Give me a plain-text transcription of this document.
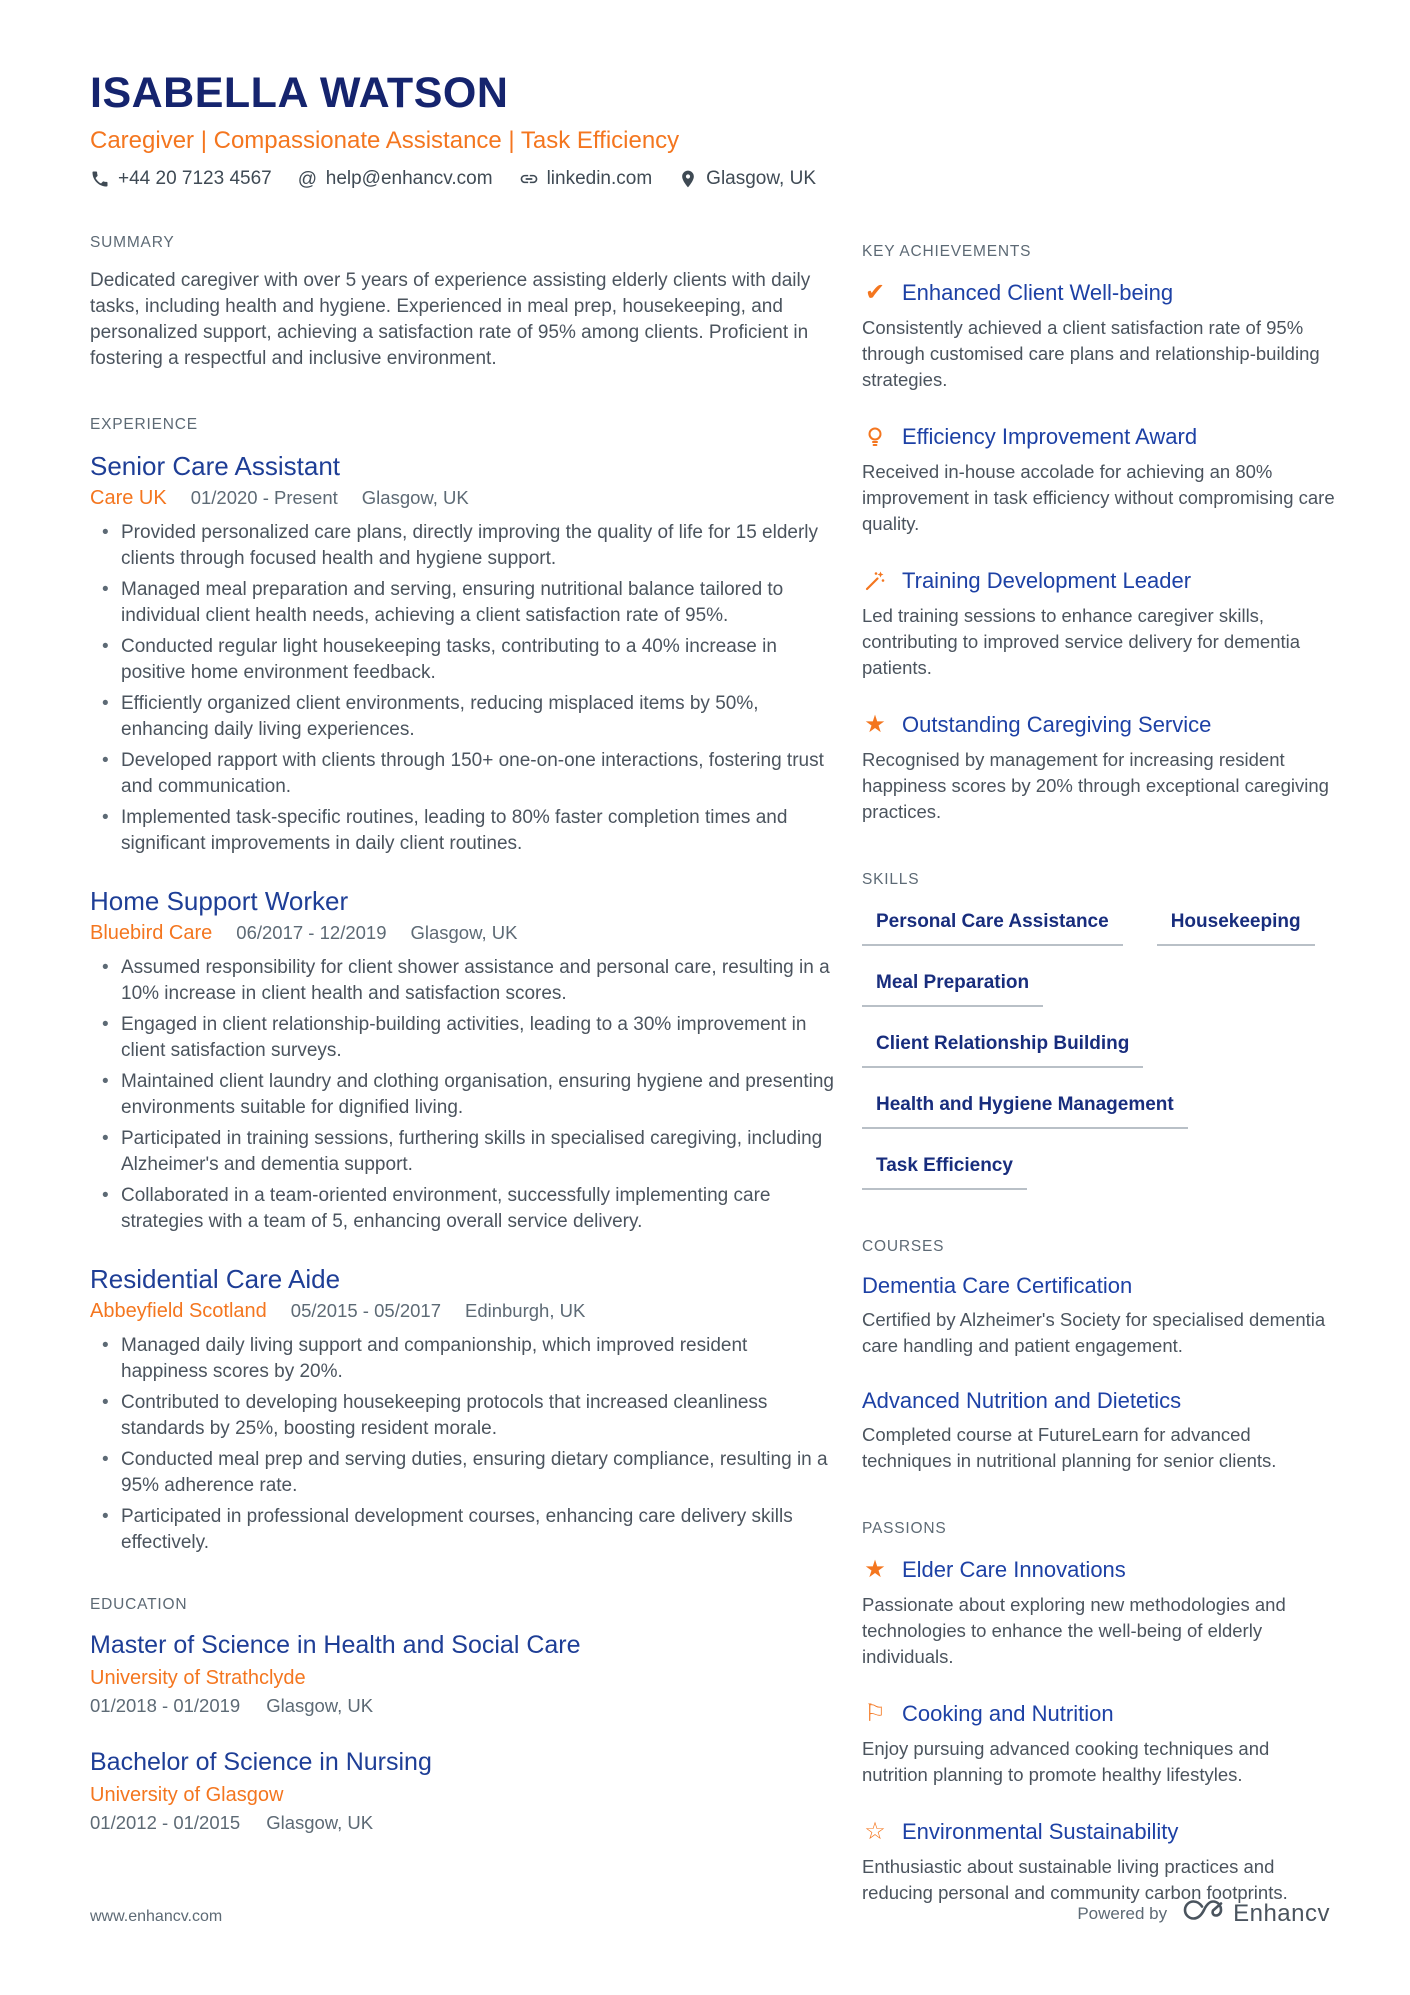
ISABELLA WATSON
Caregiver | Compassionate Assistance | Task Efficiency
+44 20 7123 4567 @ help@enhancv.com	linkedin.com	Glasgow, UK
SUMMARY
Dedicated caregiver with over 5 years of experience assisting elderly clients with daily tasks, including health and hygiene. Experienced in meal prep, housekeeping, and personalized support, achieving a satisfaction rate of 95% among clients. Proficient in fostering a respectful and inclusive environment.
EXPERIENCE
Senior Care Assistant
Care UK 01/2020 - Present Glasgow, UK
• Provided personalized care plans, directly improving the quality of life for 15 elderly clients through focused health and hygiene support.
• Managed meal preparation and serving, ensuring nutritional balance tailored to individual client health needs, achieving a client satisfaction rate of 95%.
• Conducted regular light housekeeping tasks, contributing to a 40% increase in positive home environment feedback.
• Efficiently organized client environments, reducing misplaced items by 50%, enhancing daily living experiences.
• Developed rapport with clients through 150+ one-on-one interactions, fostering trust and communication.
• Implemented task-specific routines, leading to 80% faster completion times and significant improvements in daily client routines.
Home Support Worker
Bluebird Care 06/2017 - 12/2019 Glasgow, UK
• Assumed responsibility for client shower assistance and personal care, resulting in a 10% increase in client health and satisfaction scores.
• Engaged in client relationship-building activities, leading to a 30% improvement in client satisfaction surveys.
• Maintained client laundry and clothing organisation, ensuring hygiene and presenting environments suitable for dignified living.
• Participated in training sessions, furthering skills in specialised caregiving, including Alzheimer's and dementia support.
• Collaborated in a team-oriented environment, successfully implementing care strategies with a team of 5, enhancing overall service delivery.
Residential Care Aide
Abbeyfield Scotland 05/2015 - 05/2017 Edinburgh, UK
• Managed daily living support and companionship, which improved resident happiness scores by 20%.
• Contributed to developing housekeeping protocols that increased cleanliness standards by 25%, boosting resident morale.
• Conducted meal prep and serving duties, ensuring dietary compliance, resulting in a 95% adherence rate.
• Participated in professional development courses, enhancing care delivery skills effectively.
EDUCATION
Master of Science in Health and Social Care
University of Strathclyde
01/2018 - 01/2019 Glasgow, UK
Bachelor of Science in Nursing
University of Glasgow
01/2012 - 01/2015 Glasgow, UK
KEY ACHIEVEMENTS
✔ Enhanced Client Well-being
Consistently achieved a client satisfaction rate of 95% through customised care plans and relationship-building strategies.
Efficiency Improvement Award
Received in-house accolade for achieving an 80% improvement in task efficiency without compromising care quality.
Training Development Leader
Led training sessions to enhance caregiver skills, contributing to improved service delivery for dementia patients.
★ Outstanding Caregiving Service
Recognised by management for increasing resident happiness scores by 20% through exceptional caregiving practices.
SKILLS
Personal Care Assistance	Housekeeping
Meal Preparation
Client Relationship Building
Health and Hygiene Management
Task Efficiency
COURSES
Dementia Care Certification
Certified by Alzheimer's Society for specialised dementia care handling and patient engagement.
Advanced Nutrition and Dietetics
Completed course at FutureLearn for advanced techniques in nutritional planning for senior clients.
PASSIONS
★ Elder Care Innovations
Passionate about exploring new methodologies and technologies to enhance the well-being of elderly individuals.
⚐ Cooking and Nutrition
Enjoy pursuing advanced cooking techniques and nutrition planning to promote healthy lifestyles.
☆ Environmental Sustainability
Enthusiastic about sustainable living practices and reducing personal and community carbon footprints.
www.enhancv.com	Powered by	Enhancv
